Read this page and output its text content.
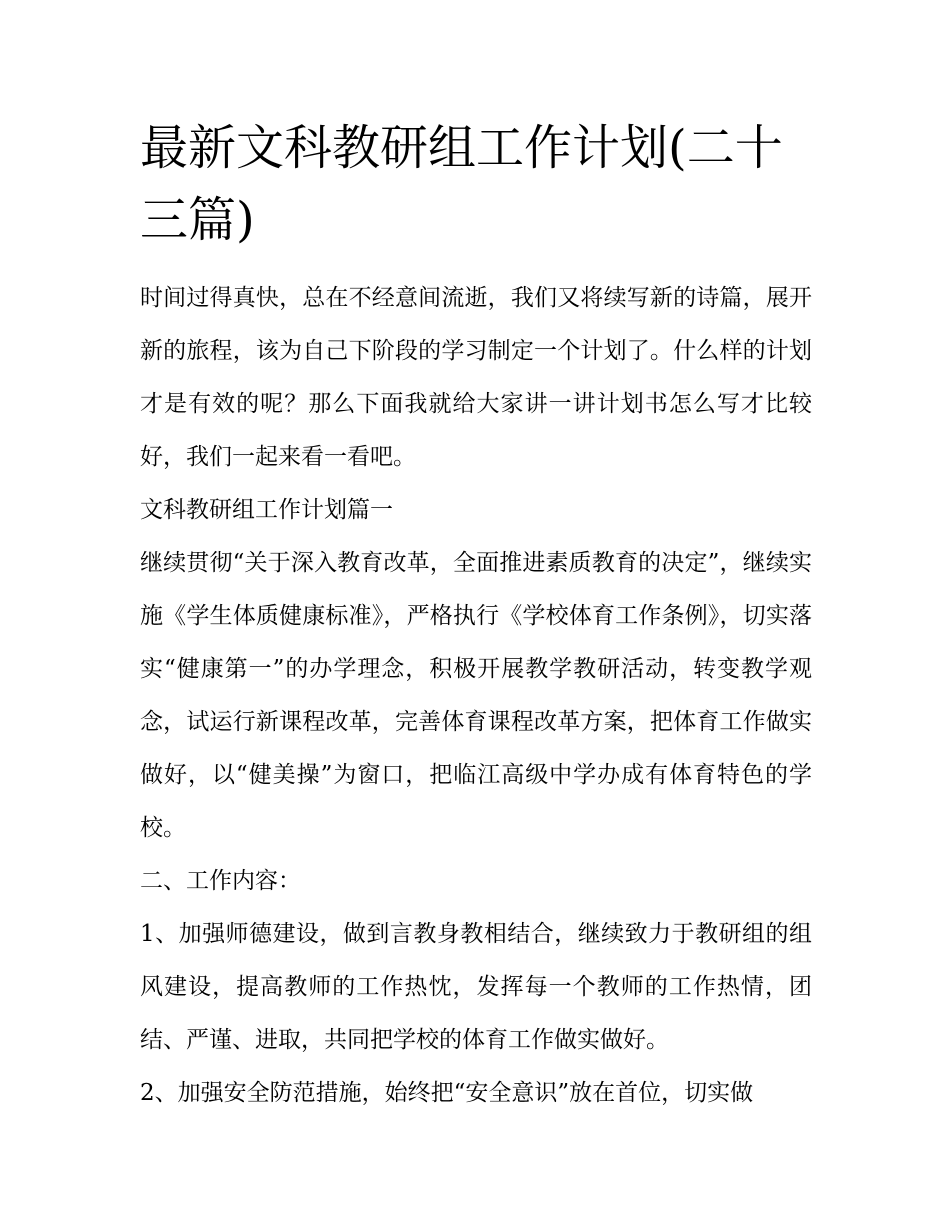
最新文科教研组工作计划(二十三篇)

时间过得真快，总在不经意间流逝，我们又将续写新的诗篇，展开新的旅程，该为自己下阶段的学习制定一个计划了。什么样的计划才是有效的呢？那么下面我就给大家讲一讲计划书怎么写才比较好，我们一起来看一看吧。

文科教研组工作计划篇一

继续贯彻“关于深入教育改革，全面推进素质教育的决定”，继续实施《学生体质健康标准》，严格执行《学校体育工作条例》，切实落实“健康第一”的办学理念，积极开展教学教研活动，转变教学观念，试运行新课程改革，完善体育课程改革方案，把体育工作做实做好，以“健美操”为窗口，把临江高级中学办成有体育特色的学校。

二、工作内容：

1、加强师德建设，做到言教身教相结合，继续致力于教研组的组风建设，提高教师的工作热忱，发挥每一个教师的工作热情，团结、严谨、进取，共同把学校的体育工作做实做好。

2、加强安全防范措施，始终把“安全意识”放在首位，切实做
